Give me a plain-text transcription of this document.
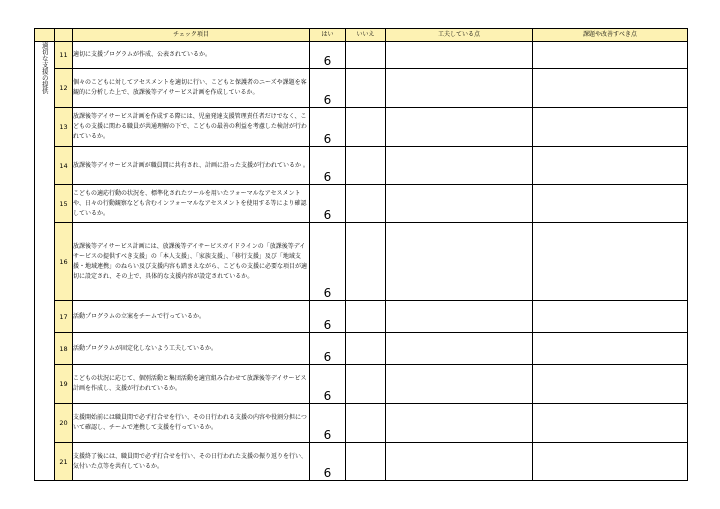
		チェック項目	はい	いいえ	工夫している点	課題や改善すべき点

適切な支援の提供	11	適切に支援プログラムが作成、公表されているか。	6			
	12	個々のこどもに対してアセスメントを適切に行い、こどもと保護者のニーズや課題を客観的に分析した上で、放課後等デイサービス計画を作成しているか。	6			
	13	放課後等デイサービス計画を作成する際には、児童発達支援管理責任者だけでなく、こどもの支援に関わる職員が共通理解の下で、こどもの最善の利益を考慮した検討が行われているか。	6			
	14	放課後等デイサービス計画が職員間に共有され、計画に沿った支援が行われているか 。	6			
	15	こどもの適応行動の状況を、標準化されたツールを用いたフォーマルなアセスメントや、日々の行動観察なども含むインフォーマルなアセスメントを使用する等により確認しているか。	6			
	16	放課後等デイサービス計画には、放課後等デイサービスガイドラインの「放課後等デイサービスの提供すべき支援」の「本人支援」、「家族支援」、「移行支援」及び「地域支援・地域連携」のねらい及び支援内容も踏まえながら、こどもの支援に必要な項目が適切に設定され、その上で、具体的な支援内容が設定されているか。	6			
	17	活動プログラムの立案をチームで行っているか。	6			
	18	活動プログラムが固定化しないよう工夫しているか。	6			
	19	こどもの状況に応じて、個別活動と集団活動を適宜組み合わせて放課後等デイサービス計画を作成し、支援が行われているか。	6			
	20	支援開始前には職員間で必ず打合せを行い、その日行われる支援の内容や役割分担について確認し、チームで連携して支援を行っているか。	6			
	21	支援終了後には、職員間で必ず打合せを行い、その日行われた支援の振り返りを行い､気付いた点等を共有しているか。	6			
